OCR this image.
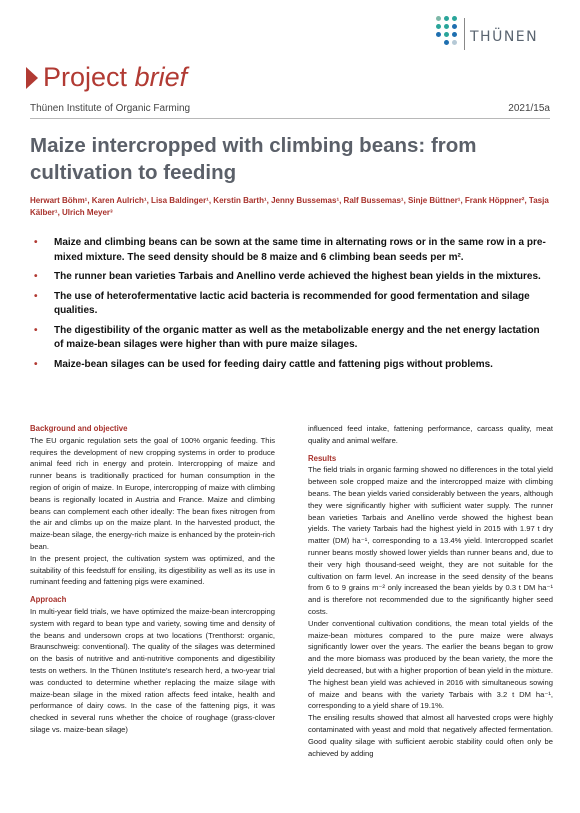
THÜNEN
Project brief
Thünen Institute of Organic Farming	2021/15a
Maize intercropped with climbing beans: from cultivation to feeding
Herwart Böhm¹, Karen Aulrich¹, Lisa Baldinger¹, Kerstin Barth¹, Jenny Bussemas¹, Ralf Bussemas¹, Sinje Büttner¹, Frank Höppner², Tasja Kälber¹, Ulrich Meyer³
• Maize and climbing beans can be sown at the same time in alternating rows or in the same row in a pre-mixed mixture. The seed density should be 8 maize and 6 climbing bean seeds per m².
• The runner bean varieties Tarbais and Anellino verde achieved the highest bean yields in the mixtures.
• The use of heterofermentative lactic acid bacteria is recommended for good fermentation and silage qualities.
• The digestibility of the organic matter as well as the metabolizable energy and the net energy lactation of maize-bean silages were higher than with pure maize silages.
• Maize-bean silages can be used for feeding dairy cattle and fattening pigs without problems.
Background and objective

The EU organic regulation sets the goal of 100% organic feeding. This requires the development of new cropping systems in order to produce animal feed rich in energy and protein. Intercropping of maize and runner beans is traditionally practiced for human consumption in the region of origin of maize. In Europe, intercropping of maize with climbing beans is regionally located in Austria and France. Maize and climbing beans can complement each other ideally: The bean fixes nitrogen from the air and climbs up on the maize plant. In the harvested product, the maize-bean silage, the energy-rich maize is enhanced by the protein-rich bean.

In the present project, the cultivation system was optimized, and the suitability of this feedstuff for ensiling, its digestibility as well as its use in ruminant feeding and fattening pigs were examined.

Approach

In multi-year field trials, we have optimized the maize-bean intercropping system with regard to bean type and variety, sowing time and density of the beans and undersown crops at two locations (Trenthorst: organic, Braunschweig: conventional). The quality of the silages was determined on the basis of nutritive and anti-nutritive components and digestibility tests on wethers. In the Thünen Institute's research herd, a two-year trial was conducted to determine whether replacing the maize silage with maize-bean silage in the mixed ration affects feed intake, health and performance of dairy cows. In the case of the fattening pigs, it was checked in several runs whether the choice of roughage (grass-clover silage vs. maize-bean silage)

influenced feed intake, fattening performance, carcass quality, meat quality and animal welfare.

Results

The field trials in organic farming showed no differences in the total yield between sole cropped maize and the intercropped maize with climbing beans. The bean yields varied considerably between the years, although they were significantly higher with sufficient water supply. The runner bean varieties Tarbais and Anellino verde showed the highest bean yields. The variety Tarbais had the highest yield in 2015 with 1.97 t dry matter (DM) ha⁻¹, corresponding to a 13.4% yield. Intercropped scarlet runner beans mostly showed lower yields than runner beans and, due to their very high thousand-seed weight, they are not suitable for the cultivation on farm level. An increase in the seed density of the beans from 6 to 9 grains m⁻² only increased the bean yields by 0.3 t DM ha⁻¹ and is therefore not recommended due to the significantly higher seed costs.

Under conventional cultivation conditions, the mean total yields of the maize-bean mixtures compared to the pure maize were always significantly lower over the years. The earlier the beans began to grow and the more biomass was produced by the bean variety, the more the yield decreased, but with a higher proportion of bean yield in the mixture. The highest bean yield was achieved in 2016 with simultaneous sowing of maize and beans with the variety Tarbais with 3.2 t DM ha⁻¹, corresponding to a yield share of 19.1%.

The ensiling results showed that almost all harvested crops were highly contaminated with yeast and mold that negatively affected fermentation. Good quality silage with sufficient aerobic stability could often only be achieved by adding
